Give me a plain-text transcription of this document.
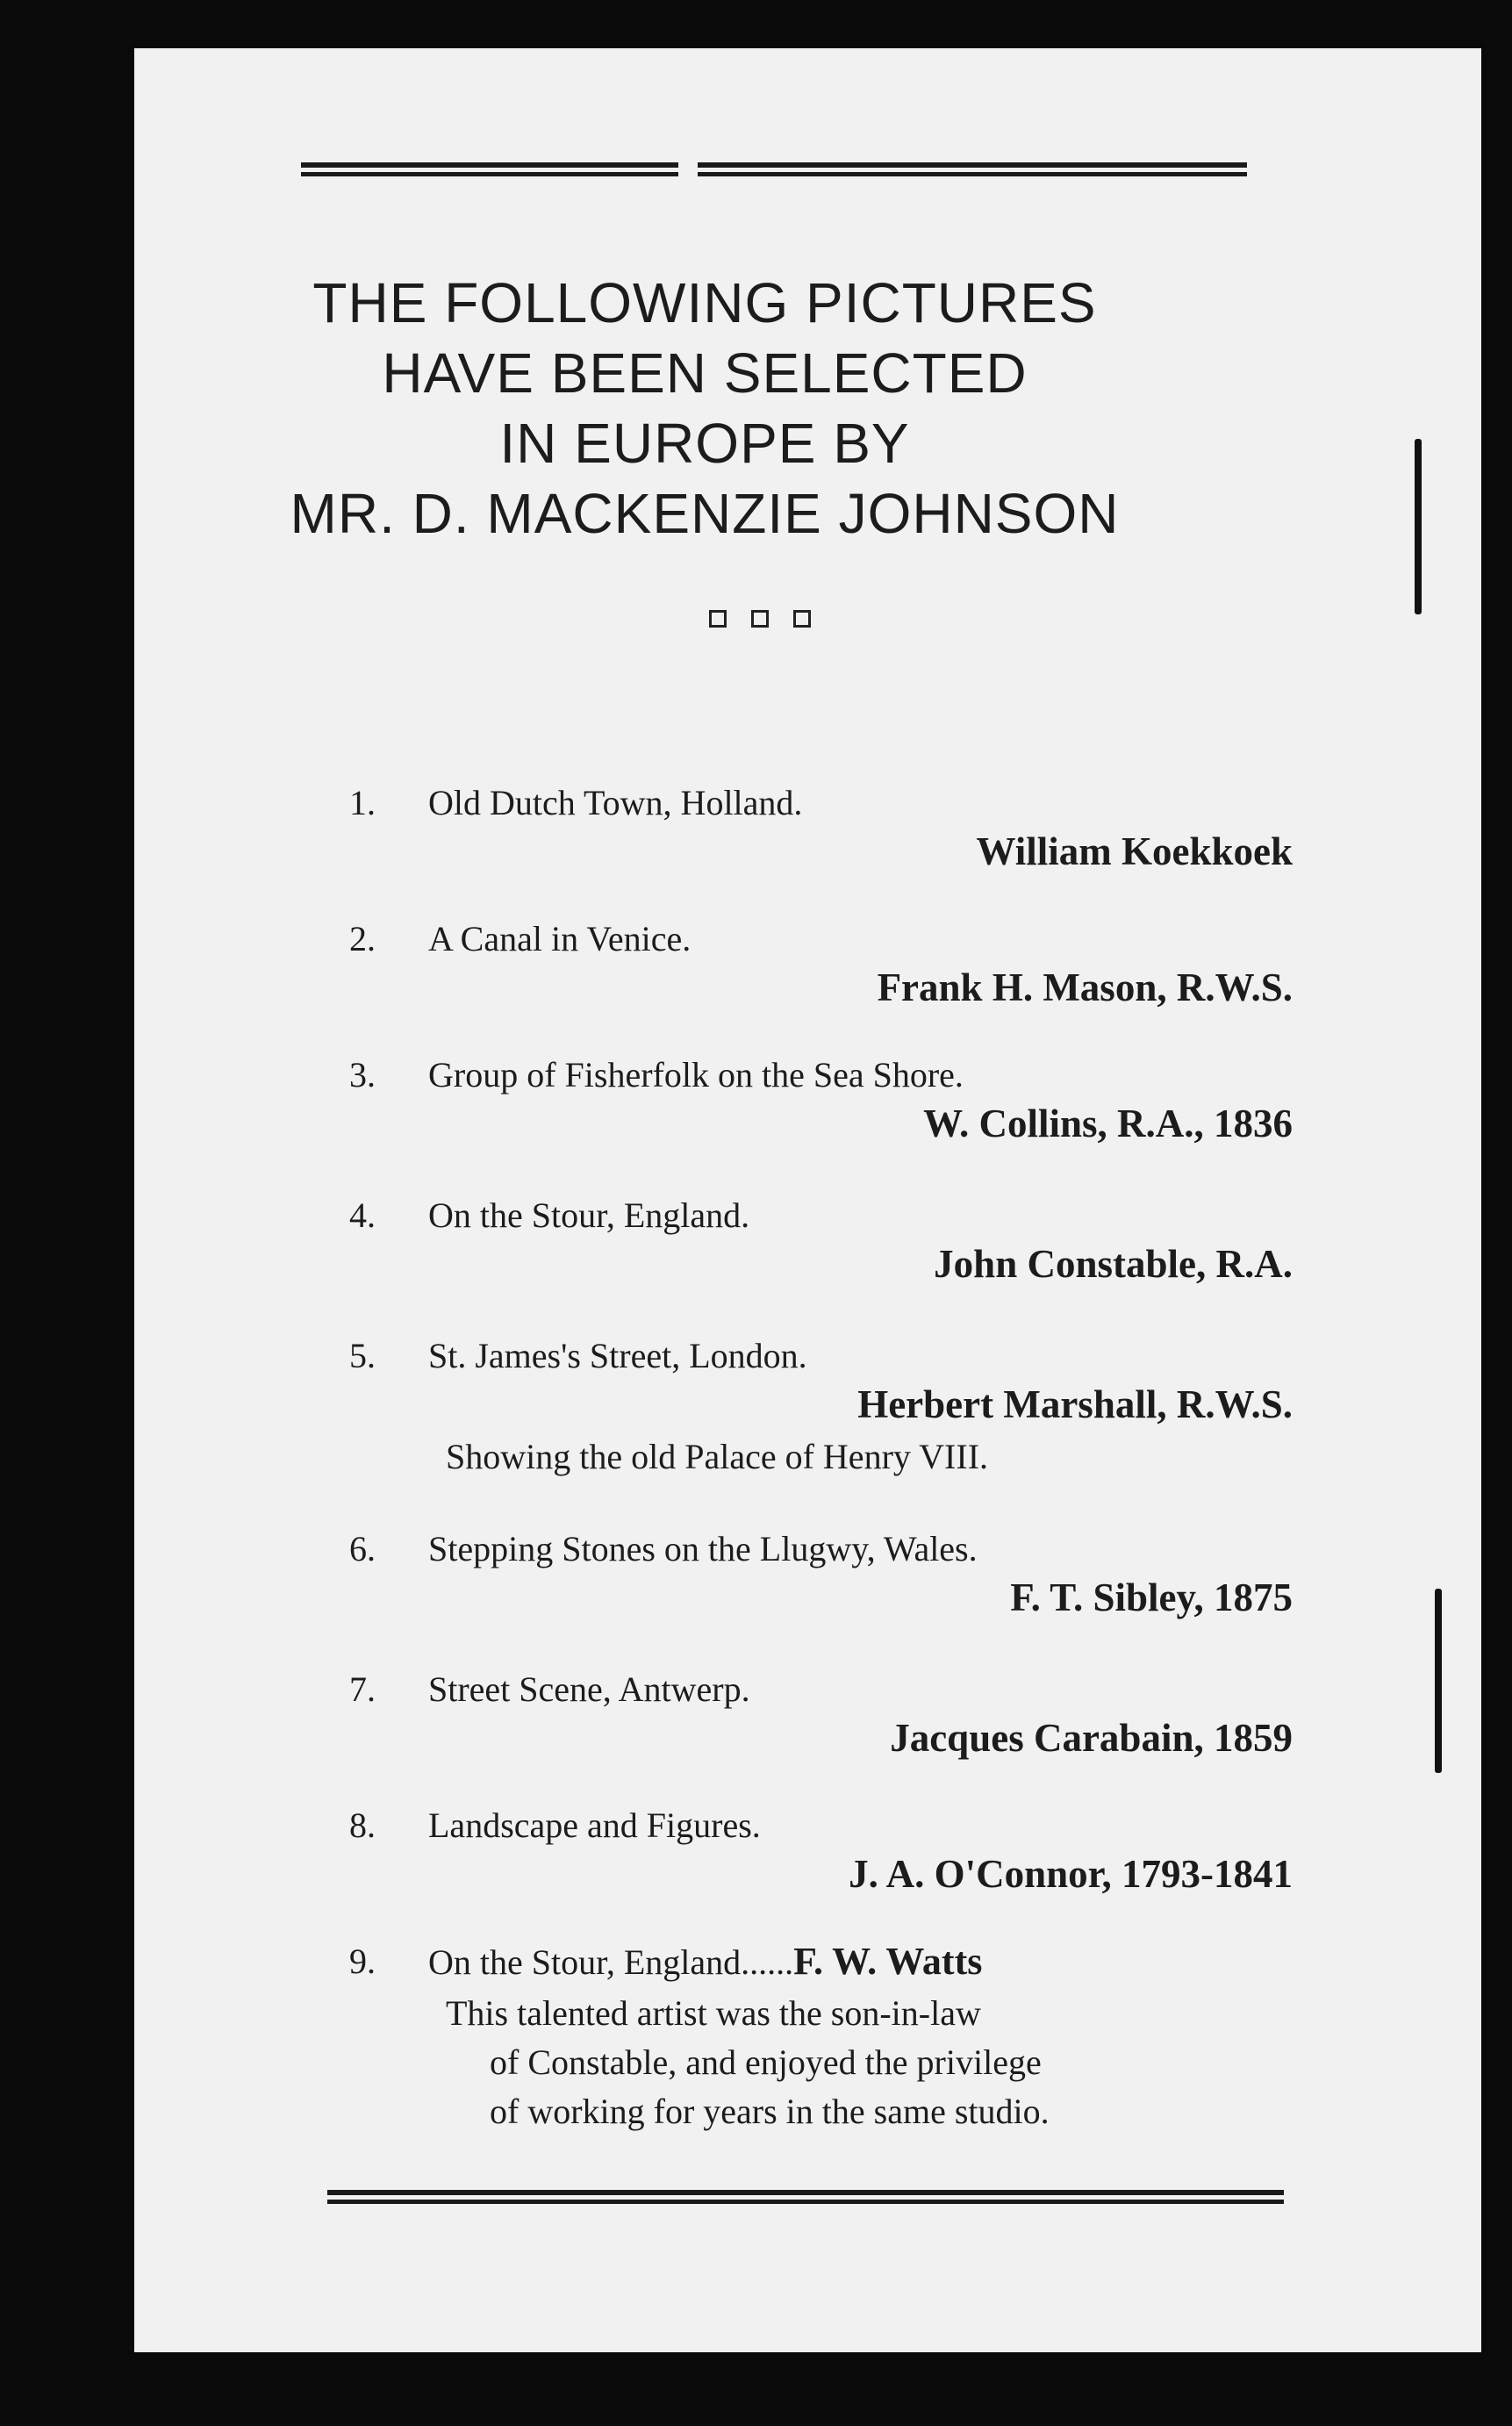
THE FOLLOWING PICTURES
HAVE BEEN SELECTED
IN EUROPE BY
MR. D. MACKENZIE JOHNSON
1.	Old Dutch Town, Holland.
William Koekkoek
2.	A Canal in Venice.
Frank H. Mason, R.W.S.
3.	Group of Fisherfolk on the Sea Shore.
W. Collins, R.A., 1836
4.	On the Stour, England.
John Constable, R.A.
5.	St. James's Street, London.
Herbert Marshall, R.W.S.
Showing the old Palace of Henry VIII.
6.	Stepping Stones on the Llugwy, Wales.
F. T. Sibley, 1875
7.	Street Scene, Antwerp.
Jacques Carabain, 1859
8.	Landscape and Figures.
J. A. O'Connor, 1793-1841
9.	On the Stour, England......F. W. Watts
This talented artist was the son-in-law
of Constable, and enjoyed the privilege
of working for years in the same studio.
